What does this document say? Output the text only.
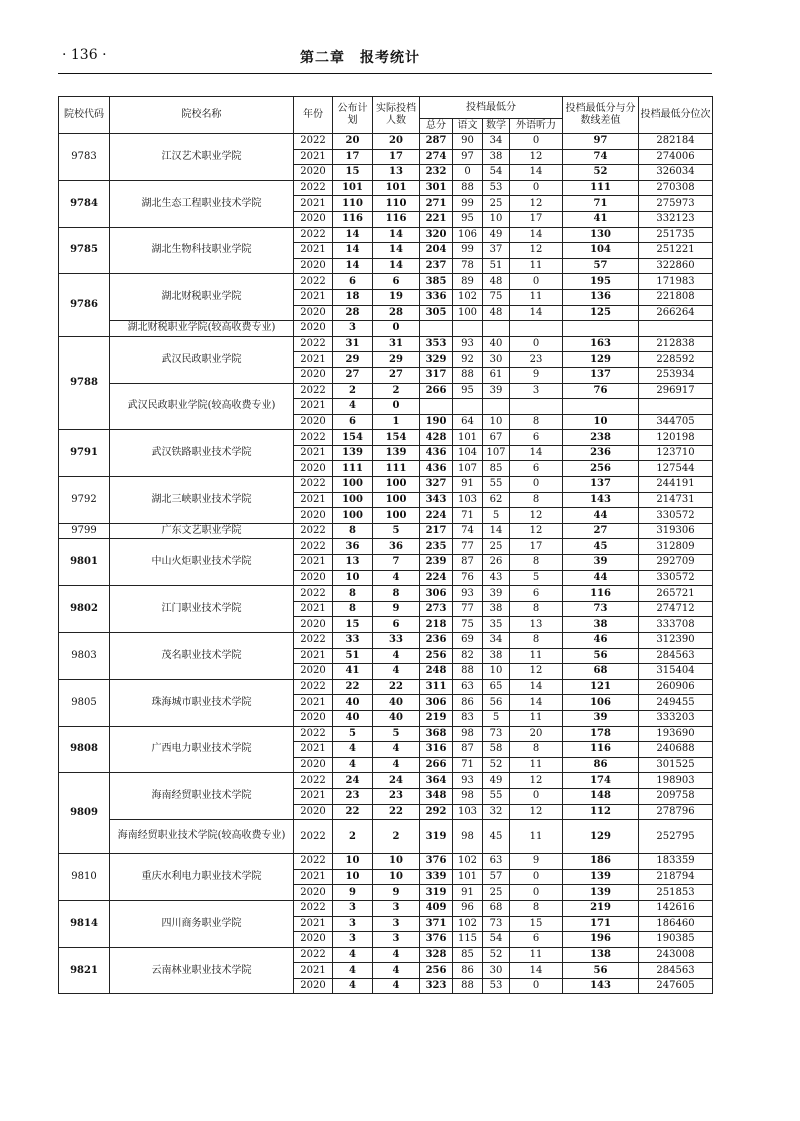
· 136 ·	第二章　报考统计
院校代码	院校名称	年份	公布计划	实际投档人数	投档最低分				投档最低分与分数线差值	投档最低分位次
					总分	语文	数学	外语听力		
9783	江汉艺术职业学院	2022	20	20	287	90	34	0	97	282184
		2021	17	17	274	97	38	12	74	274006
		2020	15	13	232	0	54	14	52	326034
9784	湖北生态工程职业技术学院	2022	101	101	301	88	53	0	111	270308
		2021	110	110	271	99	25	12	71	275973
		2020	116	116	221	95	10	17	41	332123
9785	湖北生物科技职业学院	2022	14	14	320	106	49	14	130	251735
		2021	14	14	204	99	37	12	104	251221
		2020	14	14	237	78	51	11	57	322860
9786	湖北财税职业学院	2022	6	6	385	89	48	0	195	171983
		2021	18	19	336	102	75	11	136	221808
		2020	28	28	305	100	48	14	125	266264
	湖北财税职业学院(较高收费专业)	2020	3	0						
9788	武汉民政职业学院	2022	31	31	353	93	40	0	163	212838
		2021	29	29	329	92	30	23	129	228592
		2020	27	27	317	88	61	9	137	253934
	武汉民政职业学院(较高收费专业)	2022	2	2	266	95	39	3	76	296917
		2021	4	0						
		2020	6	1	190	64	10	8	10	344705
9791	武汉铁路职业技术学院	2022	154	154	428	101	67	6	238	120198
		2021	139	139	436	104	107	14	236	123710
		2020	111	111	436	107	85	6	256	127544
9792	湖北三峡职业技术学院	2022	100	100	327	91	55	0	137	244191
		2021	100	100	343	103	62	8	143	214731
		2020	100	100	224	71	5	12	44	330572
9799	广东文艺职业学院	2022	8	5	217	74	14	12	27	319306
9801	中山火炬职业技术学院	2022	36	36	235	77	25	17	45	312809
		2021	13	7	239	87	26	8	39	292709
		2020	10	4	224	76	43	5	44	330572
9802	江门职业技术学院	2022	8	8	306	93	39	6	116	265721
		2021	8	9	273	77	38	8	73	274712
		2020	15	6	218	75	35	13	38	333708
9803	茂名职业技术学院	2022	33	33	236	69	34	8	46	312390
		2021	51	4	256	82	38	11	56	284563
		2020	41	4	248	88	10	12	68	315404
9805	珠海城市职业技术学院	2022	22	22	311	63	65	14	121	260906
		2021	40	40	306	86	56	14	106	249455
		2020	40	40	219	83	5	11	39	333203
9808	广西电力职业技术学院	2022	5	5	368	98	73	20	178	193690
		2021	4	4	316	87	58	8	116	240688
		2020	4	4	266	71	52	11	86	301525
9809	海南经贸职业技术学院	2022	24	24	364	93	49	12	174	198903
		2021	23	23	348	98	55	0	148	209758
		2020	22	22	292	103	32	12	112	278796
	海南经贸职业技术学院(较高收费专业)	2022	2	2	319	98	45	11	129	252795
9810	重庆水利电力职业技术学院	2022	10	10	376	102	63	9	186	183359
		2021	10	10	339	101	57	0	139	218794
		2020	9	9	319	91	25	0	139	251853
9814	四川商务职业学院	2022	3	3	409	96	68	8	219	142616
		2021	3	3	371	102	73	15	171	186460
		2020	3	3	376	115	54	6	196	190385
9821	云南林业职业技术学院	2022	4	4	328	85	52	11	138	243008
		2021	4	4	256	86	30	14	56	284563
		2020	4	4	323	88	53	0	143	247605
